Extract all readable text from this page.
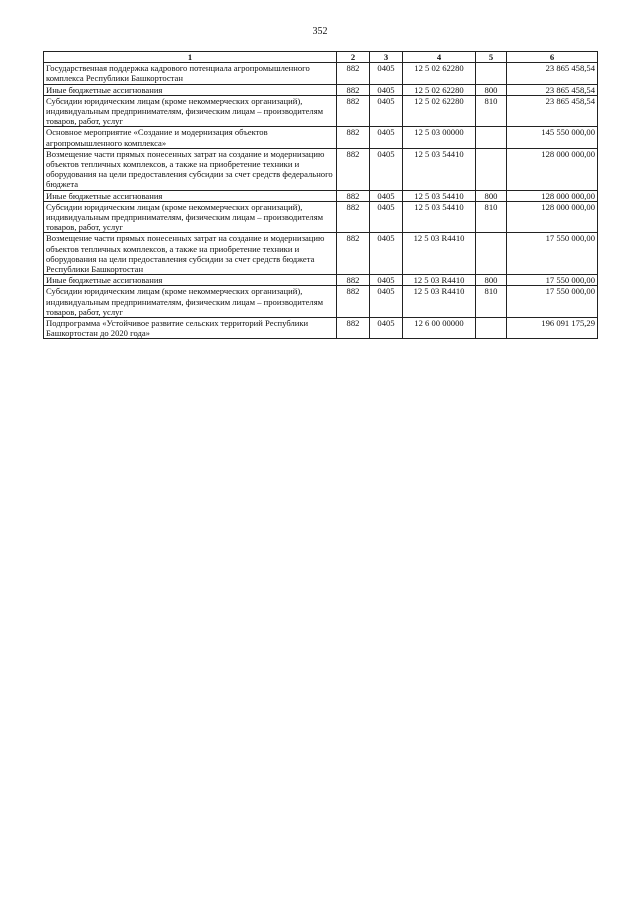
352
1	2	3	4	5	6
Государственная поддержка кадрового потенциала агропромышленного комплекса Республики Башкортостан	882	0405	12 5 02 62280		23 865 458,54
Иные бюджетные ассигнования	882	0405	12 5 02 62280	800	23 865 458,54
Субсидии юридическим лицам (кроме некоммерческих организаций), индивидуальным предпринимателям, физическим лицам – производителям товаров, работ, услуг	882	0405	12 5 02 62280	810	23 865 458,54
Основное мероприятие «Создание и модернизация объектов агропромышленного комплекса»	882	0405	12 5 03 00000		145 550 000,00
Возмещение части прямых понесенных затрат на создание и модернизацию объектов тепличных комплексов, а также на приобретение техники и оборудования на цели предоставления субсидии за счет средств федерального бюджета	882	0405	12 5 03 54410		128 000 000,00
Иные бюджетные ассигнования	882	0405	12 5 03 54410	800	128 000 000,00
Субсидии юридическим лицам (кроме некоммерческих организаций), индивидуальным предпринимателям, физическим лицам – производителям товаров, работ, услуг	882	0405	12 5 03 54410	810	128 000 000,00
Возмещение части прямых понесенных затрат на создание и модернизацию объектов тепличных комплексов, а также на приобретение техники и оборудования на цели предоставления субсидии за счет средств бюджета Республики Башкортостан	882	0405	12 5 03 R4410		17 550 000,00
Иные бюджетные ассигнования	882	0405	12 5 03 R4410	800	17 550 000,00
Субсидии юридическим лицам (кроме некоммерческих организаций), индивидуальным предпринимателям, физическим лицам – производителям товаров, работ, услуг	882	0405	12 5 03 R4410	810	17 550 000,00
Подпрограмма «Устойчивое развитие сельских территорий Республики Башкортостан до 2020 года»	882	0405	12 6 00 00000		196 091 175,29
